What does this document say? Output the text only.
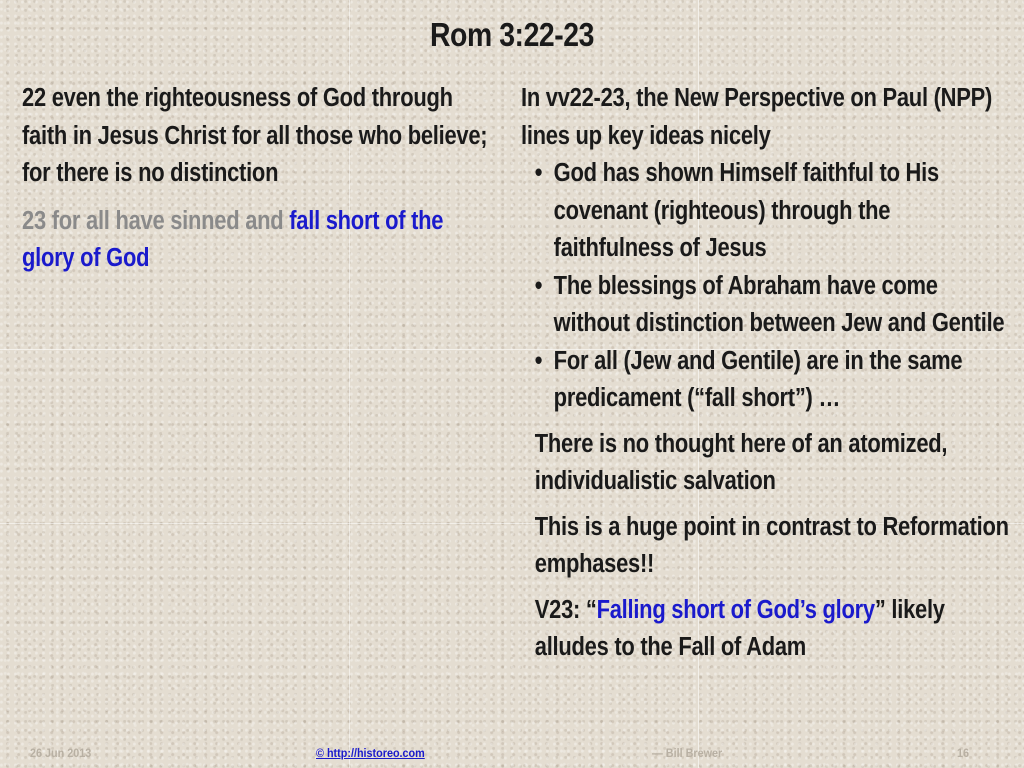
Rom 3:22-23

22 even the righteousness of God through faith in Jesus Christ for all those who believe; for there is no distinction

23 for all have sinned and fall short of the glory of God

In vv22-23, the New Perspective on Paul (NPP) lines up key ideas nicely

• God has shown Himself faithful to His covenant (righteous) through the faithfulness of Jesus
• The blessings of Abraham have come without distinction between Jew and Gentile
• For all (Jew and Gentile) are in the same predicament (“fall short”) …

There is no thought here of an atomized, individualistic salvation

This is a huge point in contrast to Reformation emphases!!

V23: “Falling short of God’s glory” likely alludes to the Fall of Adam

26 Jun 2013	© http://historeo.com	— Bill Brewer	16
